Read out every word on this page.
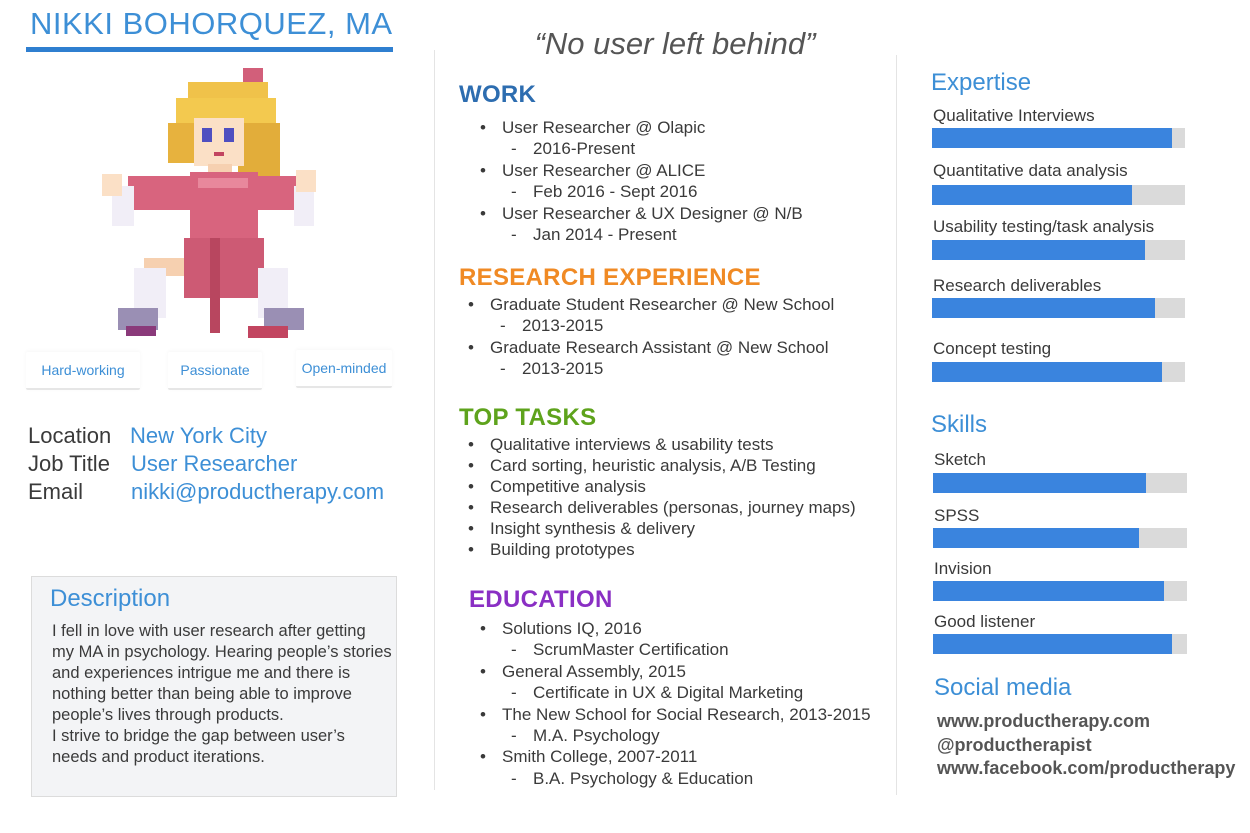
NIKKI BOHORQUEZ, MA
Hard-working	Passionate	Open-minded
Location New York City
Job Title User Researcher
Email nikki@productherapy.com
Description

I fell in love with user research after getting my MA in psychology. Hearing people’s stories and experiences intrigue me and there is nothing better than being able to improve people’s lives through products.

I strive to bridge the gap between user’s needs and product iterations.

“No user left behind”
WORK
• User Researcher @ Olapic
- 2016-Present
• User Researcher @ ALICE
- Feb 2016 - Sept 2016
• User Researcher & UX Designer @ N/B
- Jan 2014 - Present
RESEARCH EXPERIENCE
• Graduate Student Researcher @ New School
- 2013-2015
• Graduate Research Assistant @ New School
- 2013-2015
TOP TASKS
• Qualitative interviews & usability tests
• Card sorting, heuristic analysis, A/B Testing
• Competitive analysis
• Research deliverables (personas, journey maps)
• Insight synthesis & delivery
• Building prototypes
EDUCATION
• Solutions IQ, 2016
- ScrumMaster Certification
• General Assembly, 2015
- Certificate in UX & Digital Marketing
• The New School for Social Research, 2013-2015
- M.A. Psychology
• Smith College, 2007-2011
- B.A. Psychology & Education
Expertise
Qualitative Interviews
Quantitative data analysis
Usability testing/task analysis
Research deliverables
Concept testing
Skills
Sketch
SPSS
Invision
Good listener
Social media
www.productherapy.com
@productherapist
www.facebook.com/productherapy
